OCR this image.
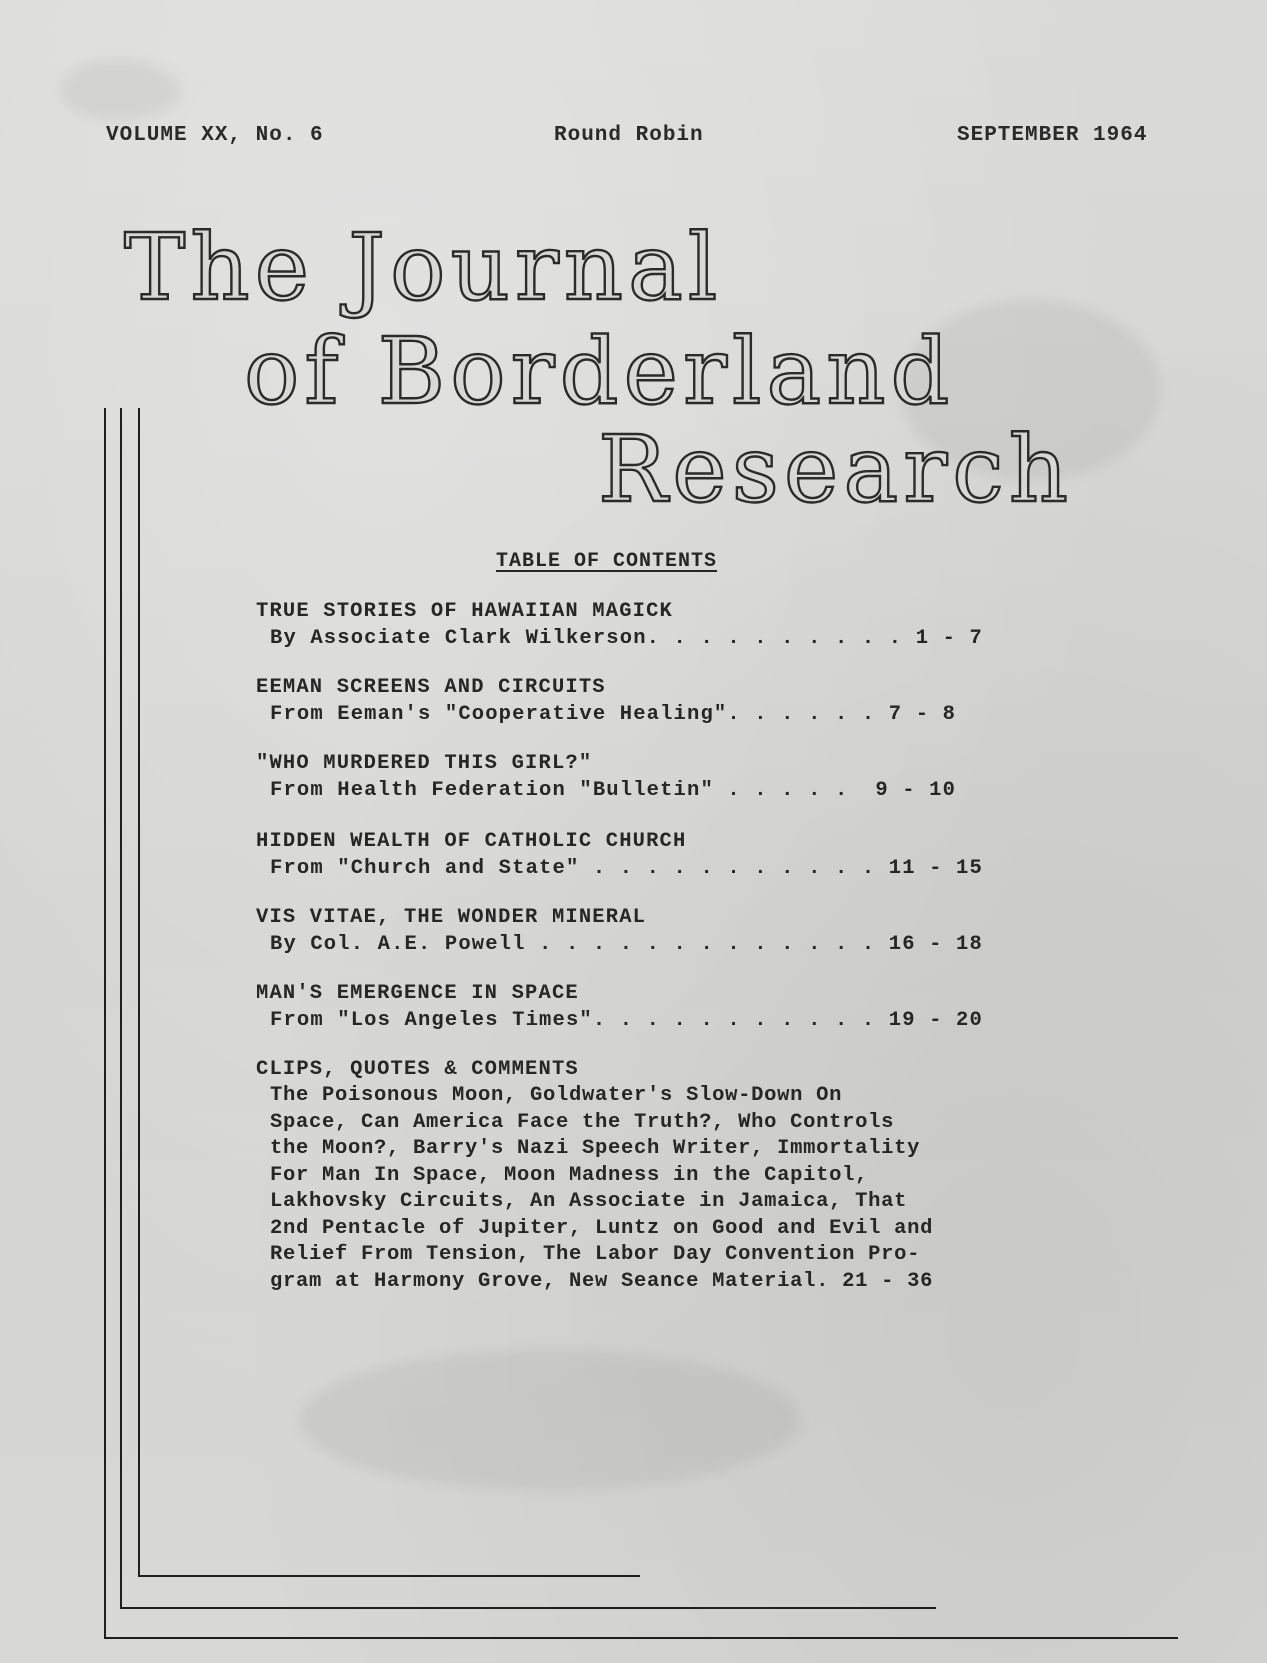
VOLUME XX, No. 6	Round Robin	SEPTEMBER 1964
The Journal
of Borderland
Research
TABLE OF CONTENTS
TRUE STORIES OF HAWAIIAN MAGICK
By Associate Clark Wilkerson. . . . . . . . . . 1 - 7
EEMAN SCREENS AND CIRCUITS
From Eeman's "Cooperative Healing". . . . . . 7 - 8
"WHO MURDERED THIS GIRL?"
From Health Federation "Bulletin" . . . . .  9 - 10
HIDDEN WEALTH OF CATHOLIC CHURCH
From "Church and State" . . . . . . . . . . . 11 - 15
VIS VITAE, THE WONDER MINERAL
By Col. A.E. Powell . . . . . . . . . . . . . 16 - 18
MAN'S EMERGENCE IN SPACE
From "Los Angeles Times". . . . . . . . . . . 19 - 20
CLIPS, QUOTES & COMMENTS
The Poisonous Moon, Goldwater's Slow-Down On
Space, Can America Face the Truth?, Who Controls
the Moon?, Barry's Nazi Speech Writer, Immortality
For Man In Space, Moon Madness in the Capitol,
Lakhovsky Circuits, An Associate in Jamaica, That
2nd Pentacle of Jupiter, Luntz on Good and Evil and
Relief From Tension, The Labor Day Convention Pro-
gram at Harmony Grove, New Seance Material. 21 - 36
